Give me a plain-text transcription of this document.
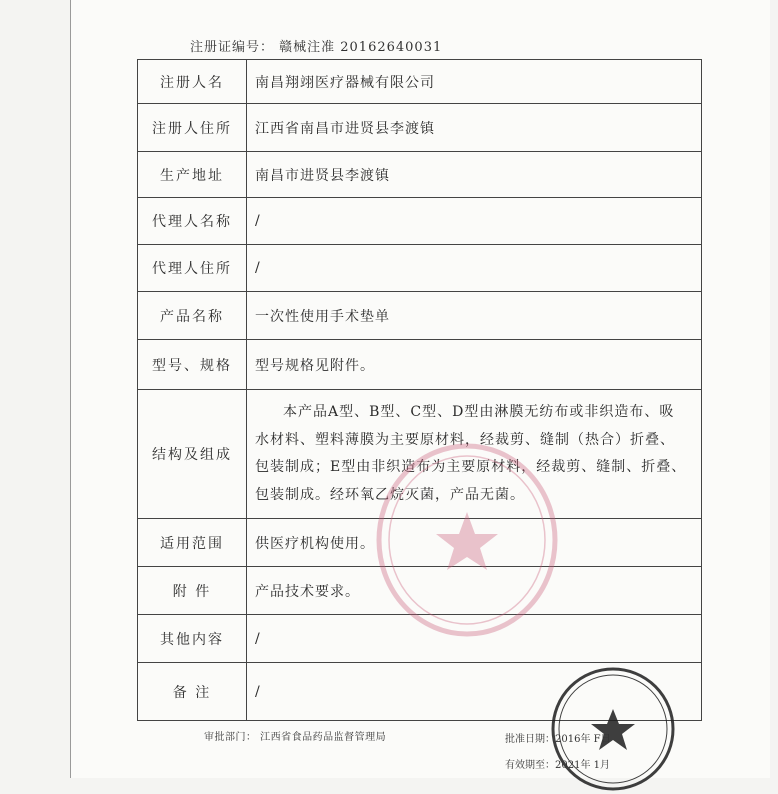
注册证编号： 赣械注准 20162640031
注册人名	南昌翔翊医疗器械有限公司
注册人住所	江西省南昌市进贤县李渡镇
生产地址	南昌市进贤县李渡镇
代理人名称	/
代理人住所	/
产品名称	一次性使用手术垫单
型号、规格	型号规格见附件。
结构及组成	本产品A型、B型、C型、D型由淋膜无纺布或非织造布、吸水材料、塑料薄膜为主要原材料，经裁剪、缝制（热合）折叠、包装制成；E型由非织造布为主要原材料，经裁剪、缝制、折叠、包装制成。经环氧乙烷灭菌，产品无菌。
适用范围	供医疗机构使用。
附 件	产品技术要求。
其他内容	/
备 注	/
审批部门： 江西省食品药品监督管理局	批准日期：2016年 F日
有效期至：2021年 1月
